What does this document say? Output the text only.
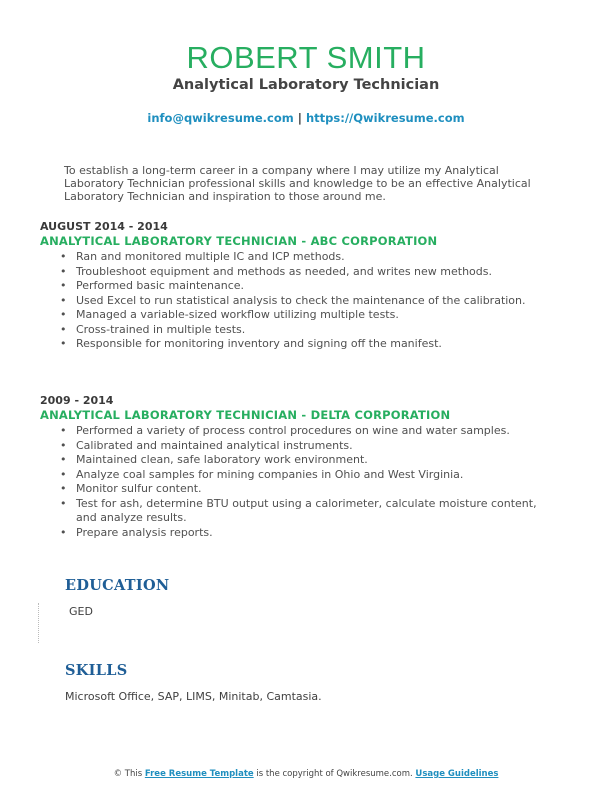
ROBERT SMITH
Analytical Laboratory Technician
info@qwikresume.com | https://Qwikresume.com
To establish a long-term career in a company where I may utilize my Analytical Laboratory Technician professional skills and knowledge to be an effective Analytical Laboratory Technician and inspiration to those around me.
AUGUST 2014 - 2014
ANALYTICAL LABORATORY TECHNICIAN - ABC CORPORATION
• Ran and monitored multiple IC and ICP methods.
• Troubleshoot equipment and methods as needed, and writes new methods.
• Performed basic maintenance.
• Used Excel to run statistical analysis to check the maintenance of the calibration.
• Managed a variable-sized workflow utilizing multiple tests.
• Cross-trained in multiple tests.
• Responsible for monitoring inventory and signing off the manifest.
2009 - 2014
ANALYTICAL LABORATORY TECHNICIAN - DELTA CORPORATION
• Performed a variety of process control procedures on wine and water samples.
• Calibrated and maintained analytical instruments.
• Maintained clean, safe laboratory work environment.
• Analyze coal samples for mining companies in Ohio and West Virginia.
• Monitor sulfur content.
• Test for ash, determine BTU output using a calorimeter, calculate moisture content, and analyze results.
• Prepare analysis reports.
EDUCATION
GED
SKILLS
Microsoft Office, SAP, LIMS, Minitab, Camtasia.
© This Free Resume Template is the copyright of Qwikresume.com. Usage Guidelines
